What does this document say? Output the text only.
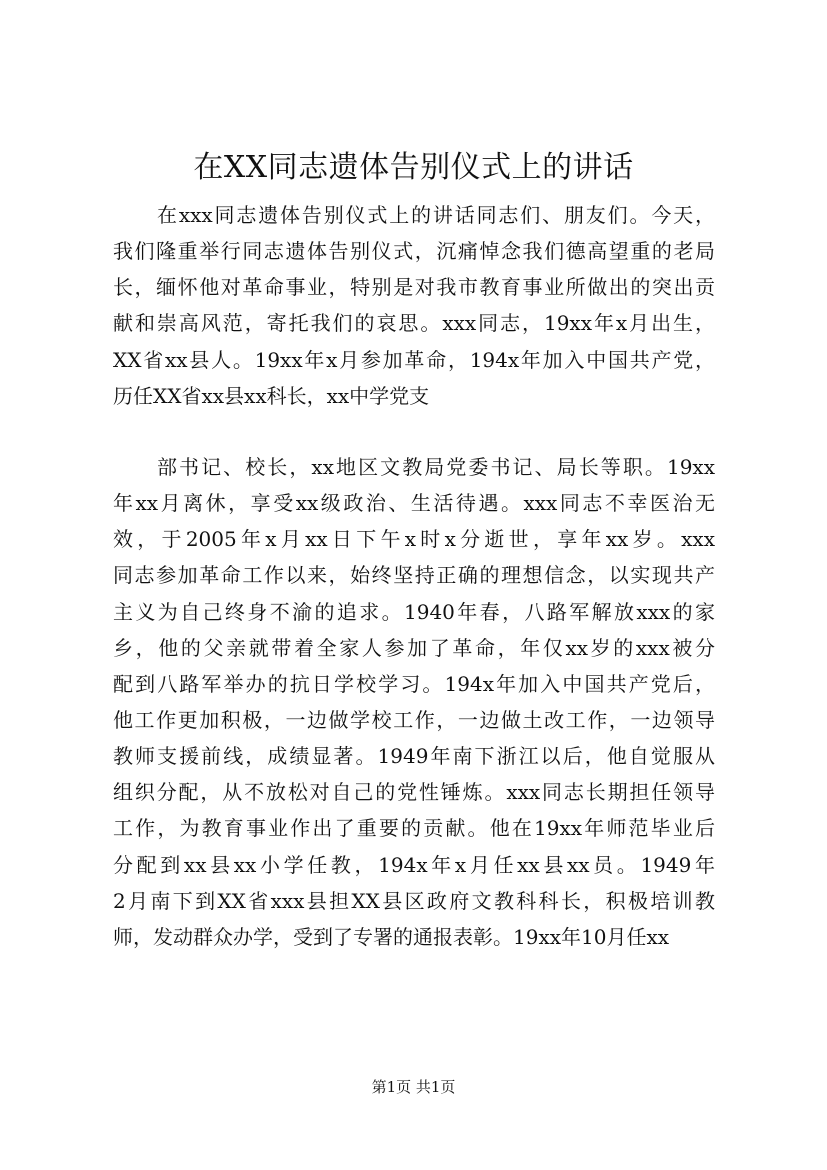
在XX同志遗体告别仪式上的讲话
在xxx同志遗体告别仪式上的讲话同志们、朋友们。今天，
我们隆重举行同志遗体告别仪式，沉痛悼念我们德高望重的老局
长，缅怀他对革命事业，特别是对我市教育事业所做出的突出贡
献和崇高风范，寄托我们的哀思。xxx同志，19xx年x月出生，
XX省xx县人。19xx年x月参加革命，194x年加入中国共产党，
历任XX省xx县xx科长，xx中学党支
部书记、校长，xx地区文教局党委书记、局长等职。19xx
年xx月离休，享受xx级政治、生活待遇。xxx同志不幸医治无
效，于2005年x月xx日下午x时x分逝世，享年xx岁。xxx
同志参加革命工作以来，始终坚持正确的理想信念，以实现共产
主义为自己终身不渝的追求。1940年春，八路军解放xxx的家
乡，他的父亲就带着全家人参加了革命，年仅xx岁的xxx被分
配到八路军举办的抗日学校学习。194x年加入中国共产党后，
他工作更加积极，一边做学校工作，一边做土改工作，一边领导
教师支援前线，成绩显著。1949年南下浙江以后，他自觉服从
组织分配，从不放松对自己的党性锤炼。xxx同志长期担任领导
工作，为教育事业作出了重要的贡献。他在19xx年师范毕业后
分配到xx县xx小学任教，194x年x月任xx县xx员。1949年
2月南下到XX省xxx县担XX县区政府文教科科长，积极培训教
师，发动群众办学，受到了专署的通报表彰。19xx年10月任xx
第1页 共1页
